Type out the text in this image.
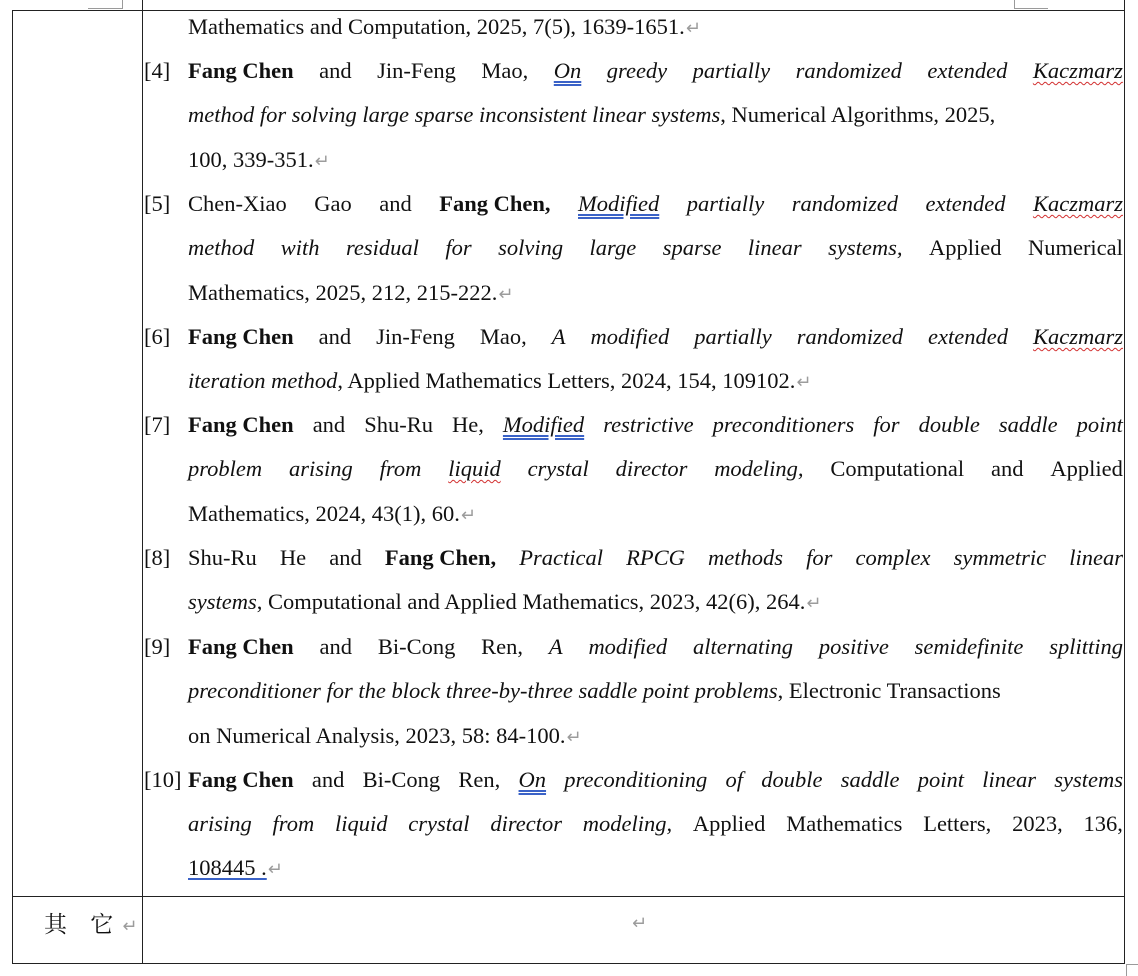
Mathematics and Computation, 2025, 7(5), 1639-1651.↵
[4] Fang Chen and Jin-Feng Mao, On greedy partially randomized extended Kaczmarz
method for solving large sparse inconsistent linear systems, Numerical Algorithms, 2025,
100, 339-351.↵
[5] Chen-Xiao Gao and Fang Chen, Modified partially randomized extended Kaczmarz
method with residual for solving large sparse linear systems, Applied Numerical
Mathematics, 2025, 212, 215-222.↵
[6] Fang Chen and Jin-Feng Mao, A modified partially randomized extended Kaczmarz
iteration method, Applied Mathematics Letters, 2024, 154, 109102.↵
[7] Fang Chen and Shu-Ru He, Modified restrictive preconditioners for double saddle point
problem arising from liquid crystal director modeling, Computational and Applied
Mathematics, 2024, 43(1), 60.↵
[8] Shu-Ru He and Fang Chen, Practical RPCG methods for complex symmetric linear
systems, Computational and Applied Mathematics, 2023, 42(6), 264.↵
[9] Fang Chen and Bi-Cong Ren, A modified alternating positive semidefinite splitting
preconditioner for the block three-by-three saddle point problems, Electronic Transactions
on Numerical Analysis, 2023, 58: 84-100.↵
[10] Fang Chen and Bi-Cong Ren, On preconditioning of double saddle point linear systems
arising from liquid crystal director modeling, Applied Mathematics Letters, 2023, 136,
108445 .↵
其 它↵	↵
